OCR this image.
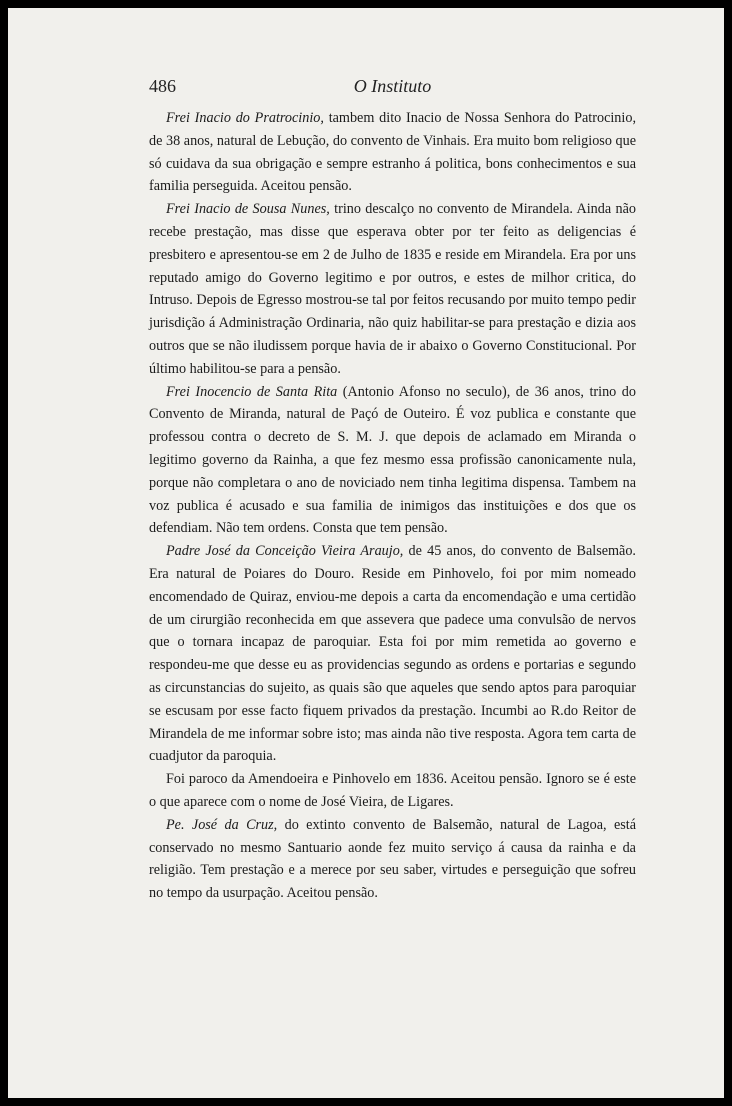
486	O Instituto

Frei Inacio do Pratrocinio, tambem dito Inacio de Nossa Senhora do Patrocinio, de 38 anos, natural de Lebução, do convento de Vinhais. Era muito bom religioso que só cuidava da sua obrigação e sempre estranho á politica, bons conhecimentos e sua familia perseguida. Aceitou pensão.

Frei Inacio de Sousa Nunes, trino descalço no convento de Mirandela. Ainda não recebe prestação, mas disse que esperava obter por ter feito as deligencias é presbitero e apresentou-se em 2 de Julho de 1835 e reside em Mirandela. Era por uns reputado amigo do Governo legitimo e por outros, e estes de milhor critica, do Intruso. Depois de Egresso mostrou-se tal por feitos recusando por muito tempo pedir jurisdição á Administração Ordinaria, não quiz habilitar-se para prestação e dizia aos outros que se não iludissem porque havia de ir abaixo o Governo Constitucional. Por último habilitou-se para a pensão.

Frei Inocencio de Santa Rita (Antonio Afonso no seculo), de 36 anos, trino do Convento de Miranda, natural de Paçó de Outeiro. É voz publica e constante que professou contra o decreto de S. M. J. que depois de aclamado em Miranda o legitimo governo da Rainha, a que fez mesmo essa profissão canonicamente nula, porque não completara o ano de noviciado nem tinha legitima dispensa. Tambem na voz publica é acusado e sua familia de inimigos das instituições e dos que os defendiam. Não tem ordens. Consta que tem pensão.

Padre José da Conceição Vieira Araujo, de 45 anos, do convento de Balsemão. Era natural de Poiares do Douro. Reside em Pinhovelo, foi por mim nomeado encomendado de Quiraz, enviou-me depois a carta da encomendação e uma certidão de um cirurgião reconhecida em que assevera que padece uma convulsão de nervos que o tornara incapaz de paroquiar. Esta foi por mim remetida ao governo e respondeu-me que desse eu as providencias segundo as ordens e portarias e segundo as circunstancias do sujeito, as quais são que aqueles que sendo aptos para paroquiar se escusam por esse facto fiquem privados da prestação. Incumbi ao R.do Reitor de Mirandela de me informar sobre isto; mas ainda não tive resposta. Agora tem carta de cuadjutor da paroquia.

Foi paroco da Amendoeira e Pinhovelo em 1836. Aceitou pensão. Ignoro se é este o que aparece com o nome de José Vieira, de Ligares.

Pe. José da Cruz, do extinto convento de Balsemão, natural de Lagoa, está conservado no mesmo Santuario aonde fez muito serviço á causa da rainha e da religião. Tem prestação e a merece por seu saber, virtudes e perseguição que sofreu no tempo da usurpação. Aceitou pensão.
